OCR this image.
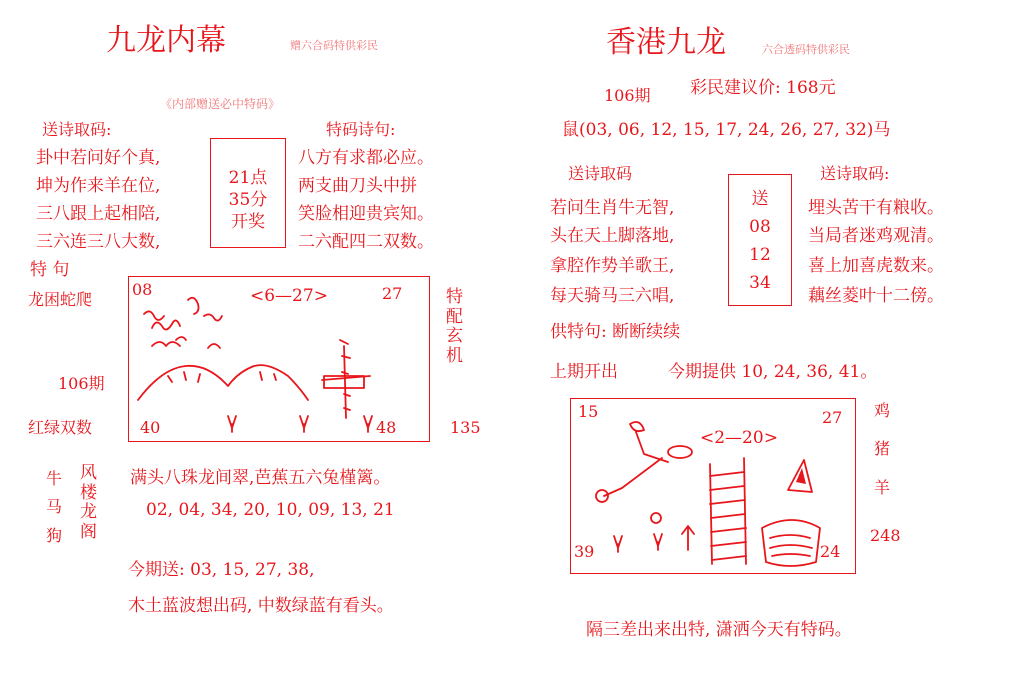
九龙内幕	赠六合码特供彩民
《内部赠送必中特码》
送诗取码:	特码诗句:
卦中若问好个真,
坤为作来羊在位,
三八跟上起相陪,
三六连三八大数,
八方有求都必应。
两支曲刀头中拼
笑脸相迎贵宾知。
二六配四二双数。
21点
35分
开奖
特 句
龙困蛇爬
106期
红绿双数
特
配
玄
机
135
08	27
40	48
<6—27>
牛
马
狗
风
楼
龙
阁
满头八珠龙间翠,芭蕉五六兔槿篱。
02, 04, 34, 20, 10, 09, 13, 21
今期送: 03, 15, 27, 38,
木土蓝波想出码, 中数绿蓝有看头。
香港九龙	六合透码特供彩民
106期 彩民建议价: 168元
鼠(03, 06, 12, 15, 17, 24, 26, 27, 32)马
送诗取码	送诗取码:
若问生肖牛无智,
头在天上脚落地,
拿腔作势羊歌王,
每天骑马三六唱,
埋头苦干有粮收。
当局者迷鸡观清。
喜上加喜虎数来。
藕丝菱叶十二傍。
送
08
12
34
供特句: 断断续续
上期开出	今期提供 10, 24, 36, 41。
15	27
39	24
<2—20>
鸡
猪
羊
248
隔三差出来出特, 潇洒今天有特码。
